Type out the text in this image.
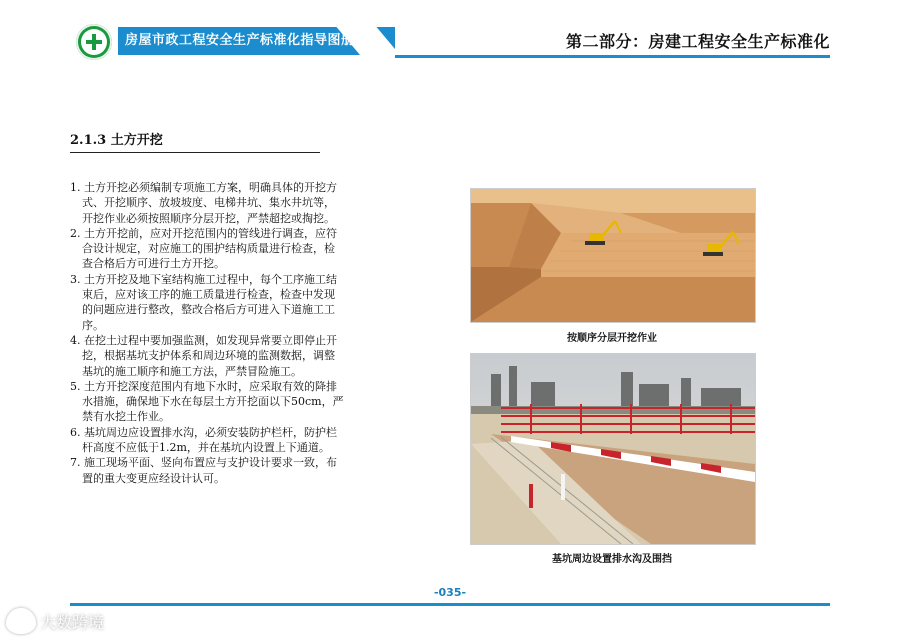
房屋市政工程安全生产标准化指导图册	第二部分：房建工程安全生产标准化
2.1.3 土方开挖
1. 土方开挖必须编制专项施工方案，明确具体的开挖方式、开挖顺序、放坡坡度、电梯井坑、集水井坑等，开挖作业必须按照顺序分层开挖，严禁超挖或掏挖。
2. 土方开挖前，应对开挖范围内的管线进行调查，应符合设计规定，对应施工的围护结构质量进行检查，检查合格后方可进行土方开挖。
3. 土方开挖及地下室结构施工过程中，每个工序施工结束后，应对该工序的施工质量进行检查，检查中发现的问题应进行整改，整改合格后方可进入下道施工工序。
4. 在挖土过程中要加强监测，如发现异常要立即停止开挖，根据基坑支护体系和周边环境的监测数据，调整基坑的施工顺序和施工方法，严禁冒险施工。
5. 土方开挖深度范围内有地下水时，应采取有效的降排水措施，确保地下水在每层土方开挖面以下50cm，严禁有水挖土作业。
6. 基坑周边应设置排水沟，必须安装防护栏杆，防护栏杆高度不应低于1.2m，并在基坑内设置上下通道。
7. 施工现场平面、竖向布置应与支护设计要求一致，布置的重大变更应经设计认可。
按顺序分层开挖作业
基坑周边设置排水沟及围挡
-035-
大数跨境
